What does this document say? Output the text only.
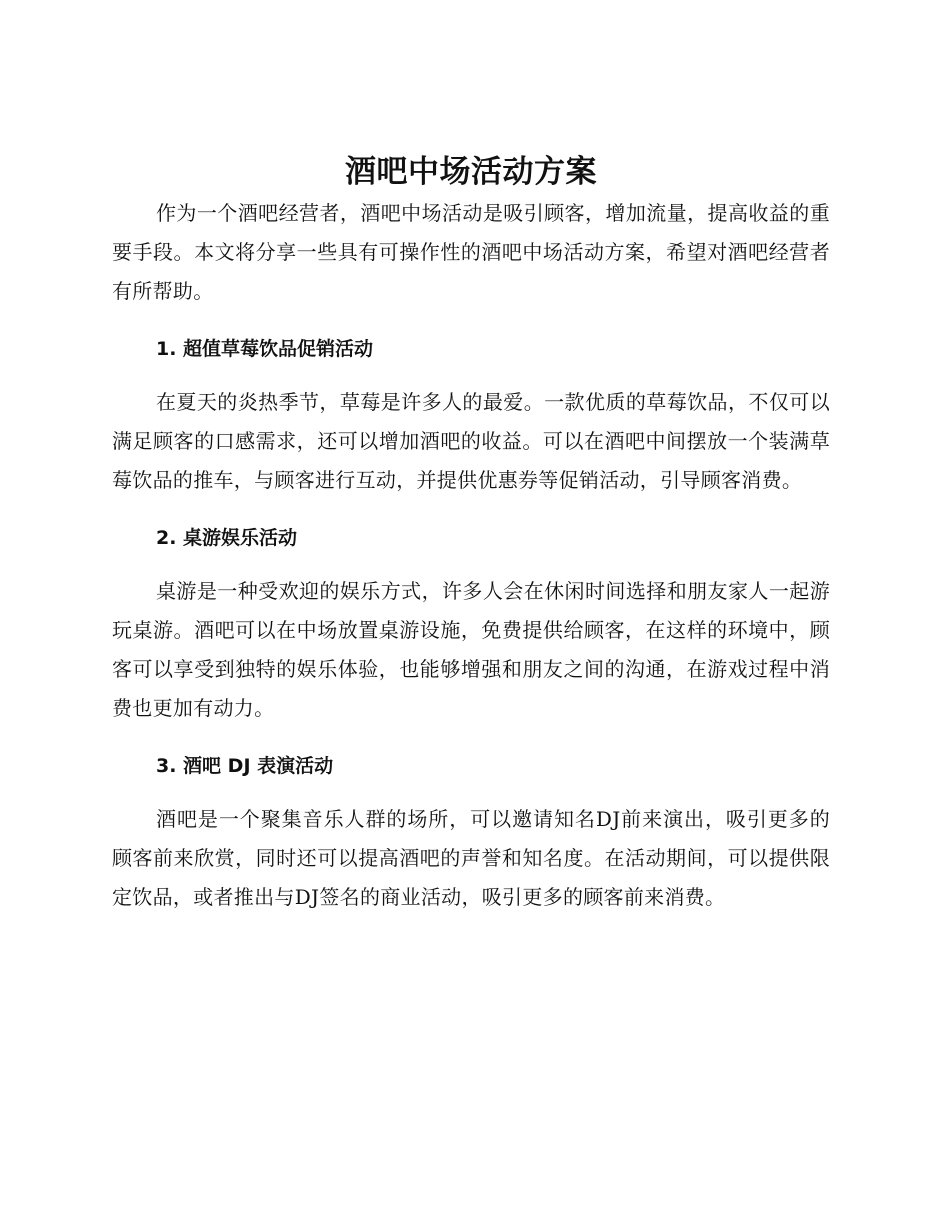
酒吧中场活动方案

作为一个酒吧经营者，酒吧中场活动是吸引顾客，增加流量，提高收益的重要手段。本文将分享一些具有可操作性的酒吧中场活动方案，希望对酒吧经营者有所帮助。

1. 超值草莓饮品促销活动

在夏天的炎热季节，草莓是许多人的最爱。一款优质的草莓饮品，不仅可以满足顾客的口感需求，还可以增加酒吧的收益。可以在酒吧中间摆放一个装满草莓饮品的推车，与顾客进行互动，并提供优惠券等促销活动，引导顾客消费。

2. 桌游娱乐活动

桌游是一种受欢迎的娱乐方式，许多人会在休闲时间选择和朋友家人一起游玩桌游。酒吧可以在中场放置桌游设施，免费提供给顾客，在这样的环境中，顾客可以享受到独特的娱乐体验，也能够增强和朋友之间的沟通，在游戏过程中消费也更加有动力。

3. 酒吧 DJ 表演活动

酒吧是一个聚集音乐人群的场所，可以邀请知名DJ前来演出，吸引更多的顾客前来欣赏，同时还可以提高酒吧的声誉和知名度。在活动期间，可以提供限定饮品，或者推出与DJ签名的商业活动，吸引更多的顾客前来消费。
